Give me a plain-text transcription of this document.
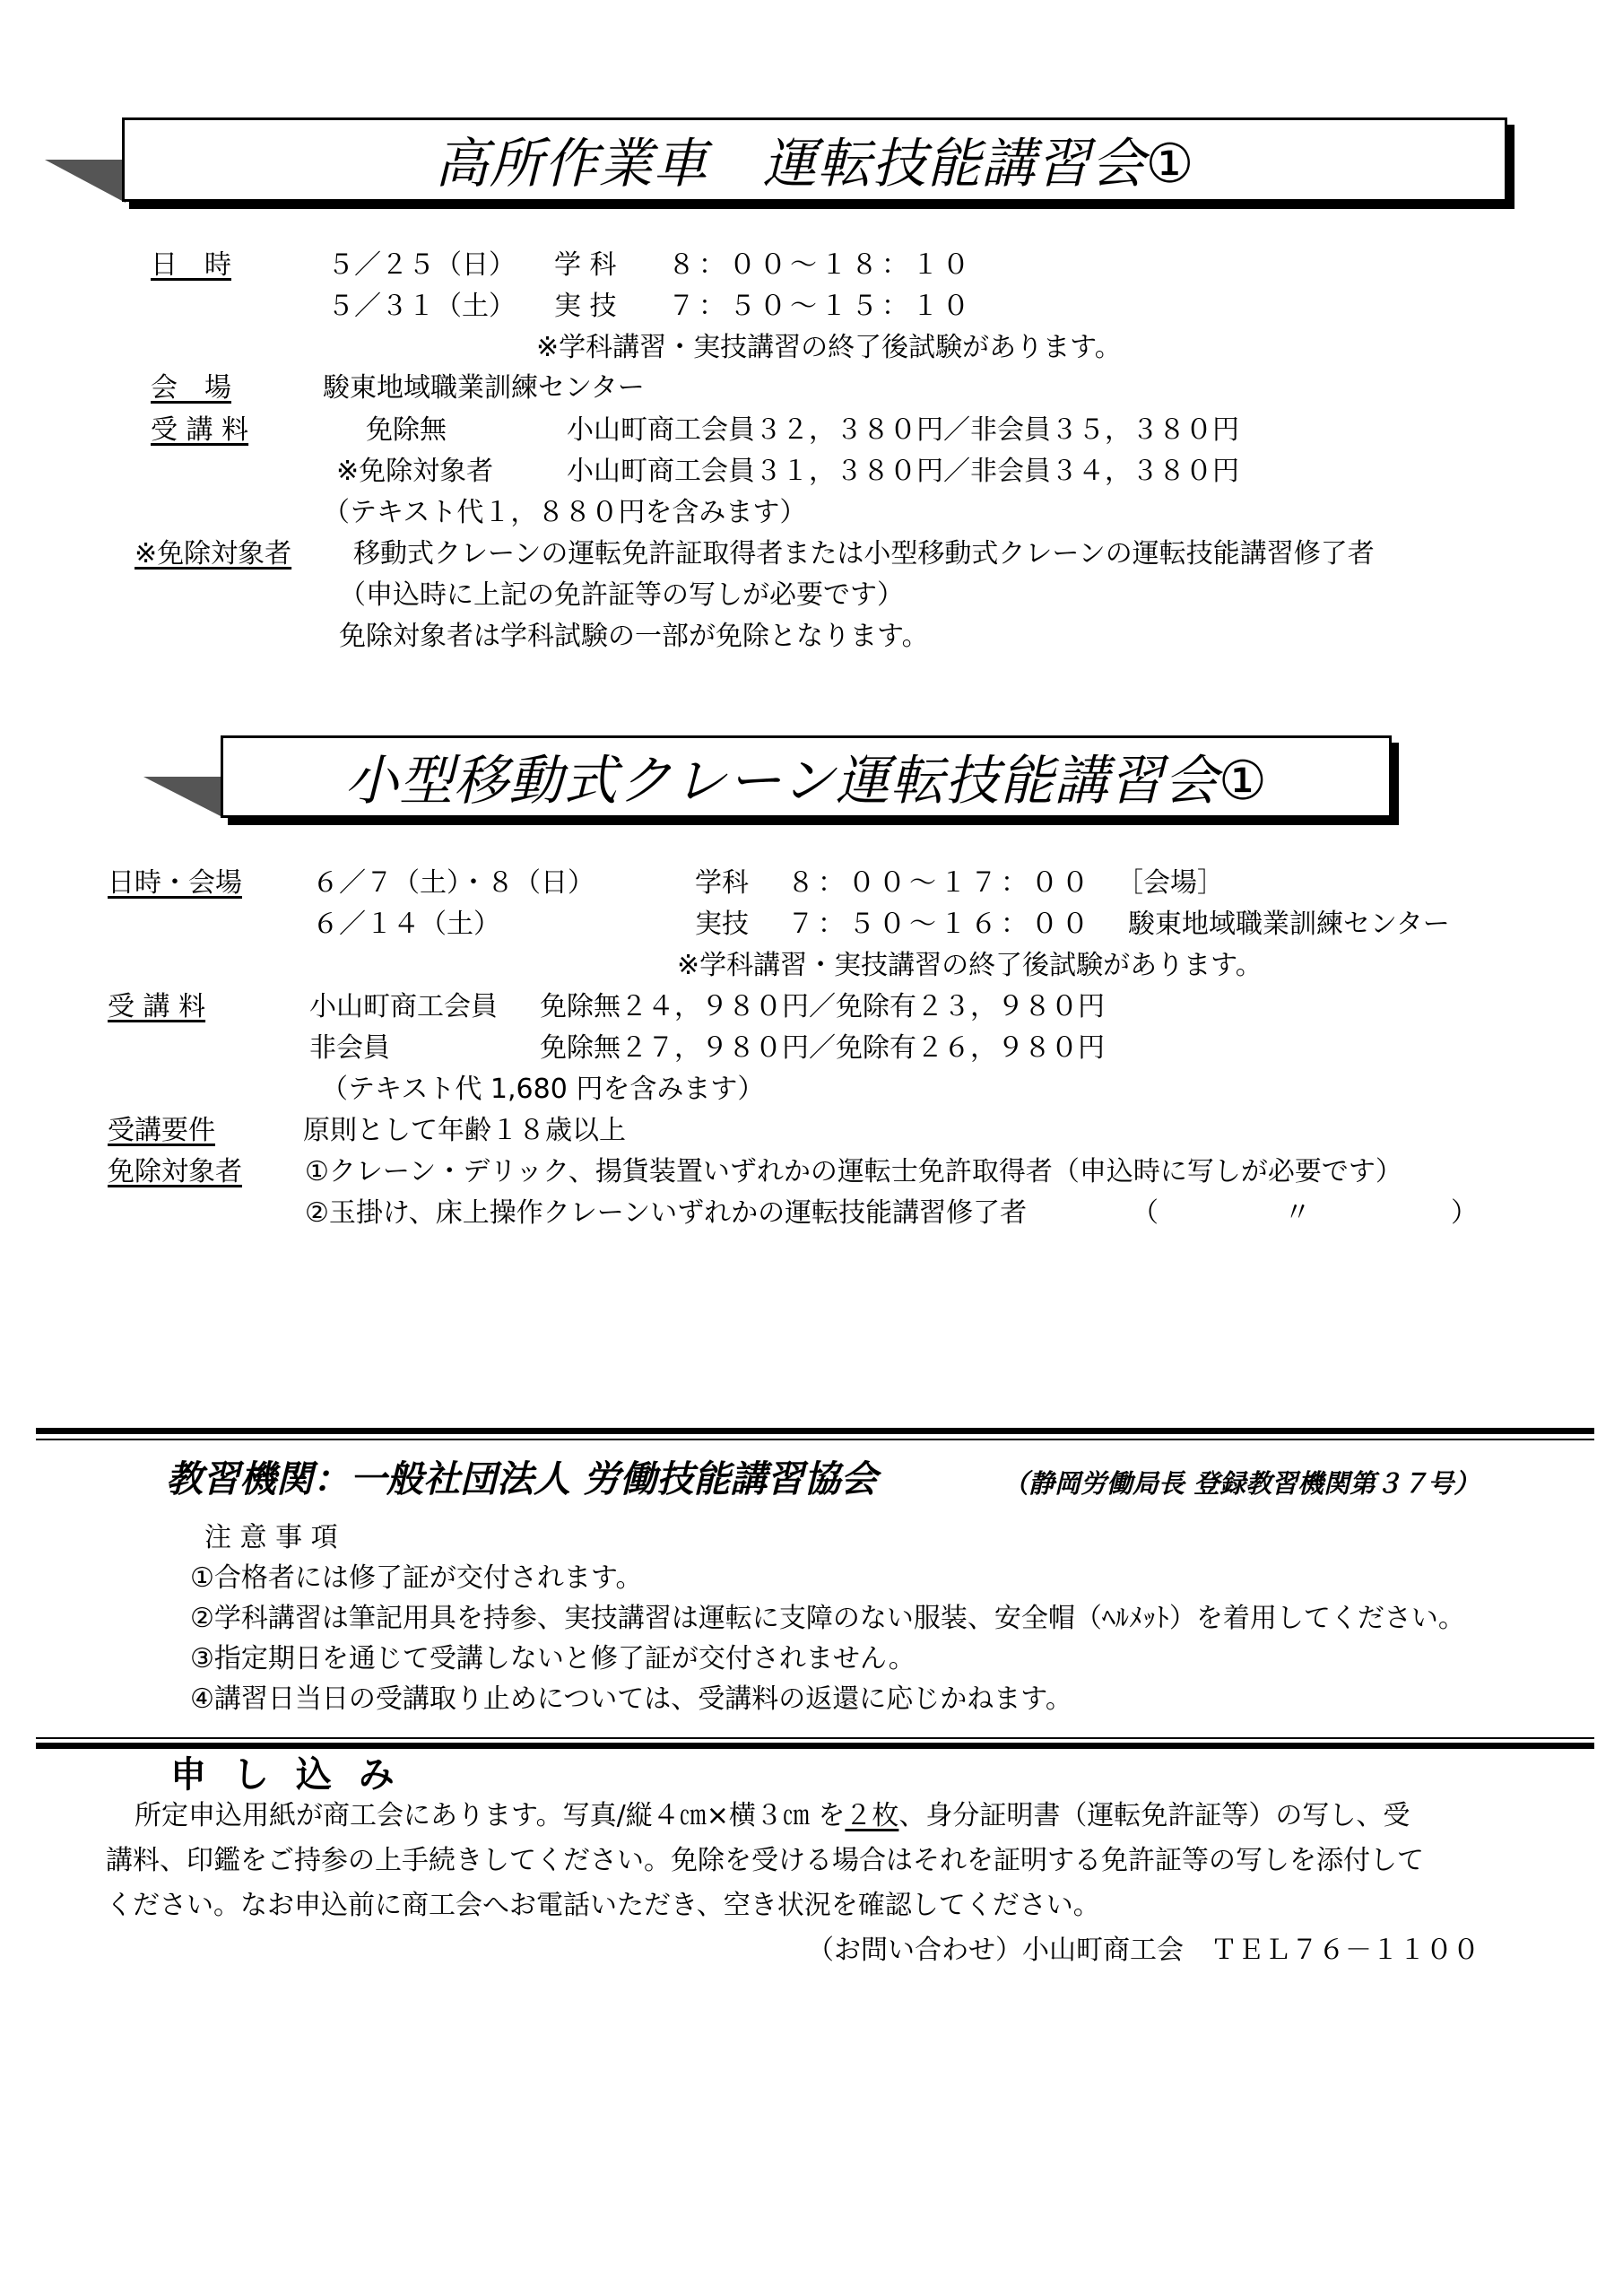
高所作業車　運転技能講習会①
日　時	５／２５（日） 学 科 ８：００～１８：１０
５／３１（土） 実 技 ７：５０～１５：１０
※学科講習・実技講習の終了後試験があります。
会　場	駿東地域職業訓練センター
受 講 料	免除無	小山町商工会員３２，３８０円／非会員３５，３８０円
※免除対象者	小山町商工会員３１，３８０円／非会員３４，３８０円
（テキスト代１，８８０円を含みます）
※免除対象者 移動式クレーンの運転免許証取得者または小型移動式クレーンの運転技能講習修了者
（申込時に上記の免許証等の写しが必要です）
免除対象者は学科試験の一部が免除となります。
小型移動式クレーン運転技能講習会①
日時・会場	６／７（土）・８（日）	学科 ８：００～１７：００ ［会場］
６／１４（土）	実技 ７：５０～１６：００ 駿東地域職業訓練センター
※学科講習・実技講習の終了後試験があります。
受 講 料	小山町商工会員 免除無２４，９８０円／免除有２３，９８０円
非会員	免除無２７，９８０円／免除有２６，９８０円
（テキスト代 1,680 円を含みます）
受講要件	原則として年齢１８歳以上
免除対象者 ①クレーン・デリック、揚貨装置いずれかの運転士免許取得者（申込時に写しが必要です）
②玉掛け、床上操作クレーンいずれかの運転技能講習修了者	（	〃	）
教習機関：一般社団法人 労働技能講習協会	（静岡労働局長 登録教習機関第３７号）
注 意 事 項
①合格者には修了証が交付されます。
②学科講習は筆記用具を持参、実技講習は運転に支障のない服装、安全帽（ﾍﾙﾒｯﾄ）を着用してください。
③指定期日を通じて受講しないと修了証が交付されません。
④講習日当日の受講取り止めについては、受講料の返還に応じかねます。
申 し 込 み
所定申込用紙が商工会にあります。写真/縦４㎝×横３㎝ を２枚、身分証明書（運転免許証等）の写し、受
講料、印鑑をご持参の上手続きしてください。免除を受ける場合はそれを証明する免許証等の写しを添付して
ください。なお申込前に商工会へお電話いただき、空き状況を確認してください。
（お問い合わせ）小山町商工会　ＴＥＬ７６－１１００
